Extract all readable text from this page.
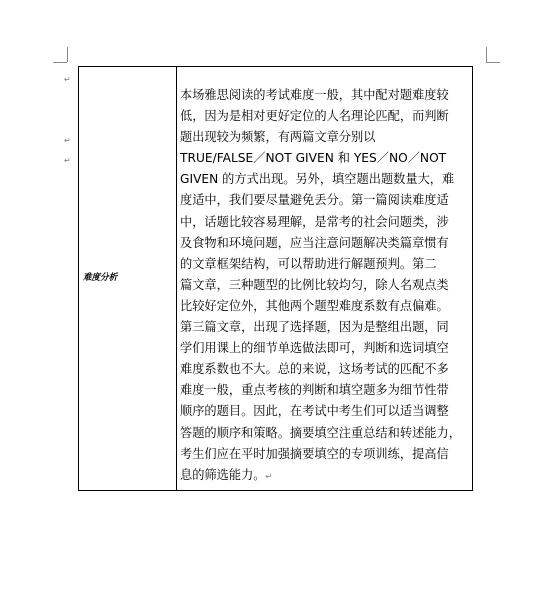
↵
↵
↵
难度分析
本场雅思阅读的考试难度一般，其中配对题难度较
低，因为是相对更好定位的人名理论匹配，而判断
题出现较为频繁，有两篇文章分别以
TRUE/FALSE／NOT GIVEN 和 YES／NO／NOT
GIVEN 的方式出现。另外，填空题出题数量大，难
度适中，我们要尽量避免丢分。第一篇阅读难度适
中，话题比较容易理解，是常考的社会问题类，涉
及食物和环境问题，应当注意问题解决类篇章惯有
的文章框架结构，可以帮助进行解题预判。第二
篇文章，三种题型的比例比较均匀，除人名观点类
比较好定位外，其他两个题型难度系数有点偏难。
第三篇文章，出现了选择题，因为是整组出题，同
学们用课上的细节单选做法即可，判断和选词填空
难度系数也不大。总的来说，这场考试的匹配不多
难度一般，重点考核的判断和填空题多为细节性带
顺序的题目。因此，在考试中考生们可以适当调整
答题的顺序和策略。摘要填空注重总结和转述能力，
考生们应在平时加强摘要填空的专项训练，提高信
息的筛选能力。↵
